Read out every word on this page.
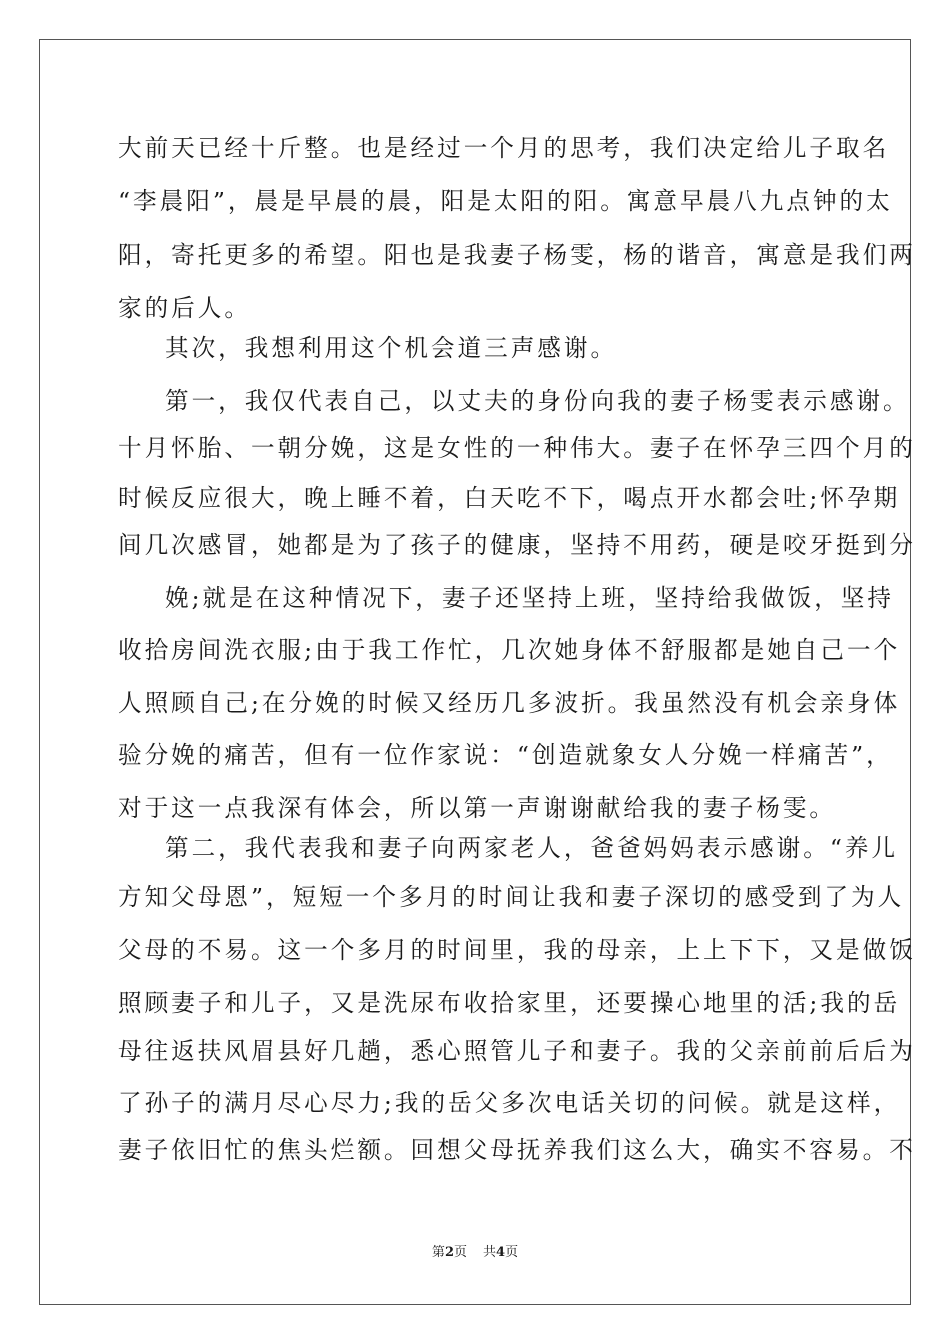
大前天已经十斤整。也是经过一个月的思考，我们决定给儿子取名
“李晨阳”，晨是早晨的晨，阳是太阳的阳。寓意早晨八九点钟的太
阳，寄托更多的希望。阳也是我妻子杨雯，杨的谐音，寓意是我们两
家的后人。
其次，我想利用这个机会道三声感谢。
第一，我仅代表自己，以丈夫的身份向我的妻子杨雯表示感谢。
十月怀胎、一朝分娩，这是女性的一种伟大。妻子在怀孕三四个月的
时候反应很大，晚上睡不着，白天吃不下，喝点开水都会吐;怀孕期
间几次感冒，她都是为了孩子的健康，坚持不用药，硬是咬牙挺到分
娩;就是在这种情况下，妻子还坚持上班，坚持给我做饭，坚持
收拾房间洗衣服;由于我工作忙，几次她身体不舒服都是她自己一个
人照顾自己;在分娩的时候又经历几多波折。我虽然没有机会亲身体
验分娩的痛苦，但有一位作家说：“创造就象女人分娩一样痛苦”，
对于这一点我深有体会，所以第一声谢谢献给我的妻子杨雯。
第二，我代表我和妻子向两家老人，爸爸妈妈表示感谢。“养儿
方知父母恩”，短短一个多月的时间让我和妻子深切的感受到了为人
父母的不易。这一个多月的时间里，我的母亲，上上下下，又是做饭
照顾妻子和儿子，又是洗尿布收拾家里，还要操心地里的活;我的岳
母往返扶风眉县好几趟，悉心照管儿子和妻子。我的父亲前前后后为
了孙子的满月尽心尽力;我的岳父多次电话关切的问候。就是这样，
妻子依旧忙的焦头烂额。回想父母抚养我们这么大，确实不容易。不
第2页 共4页
